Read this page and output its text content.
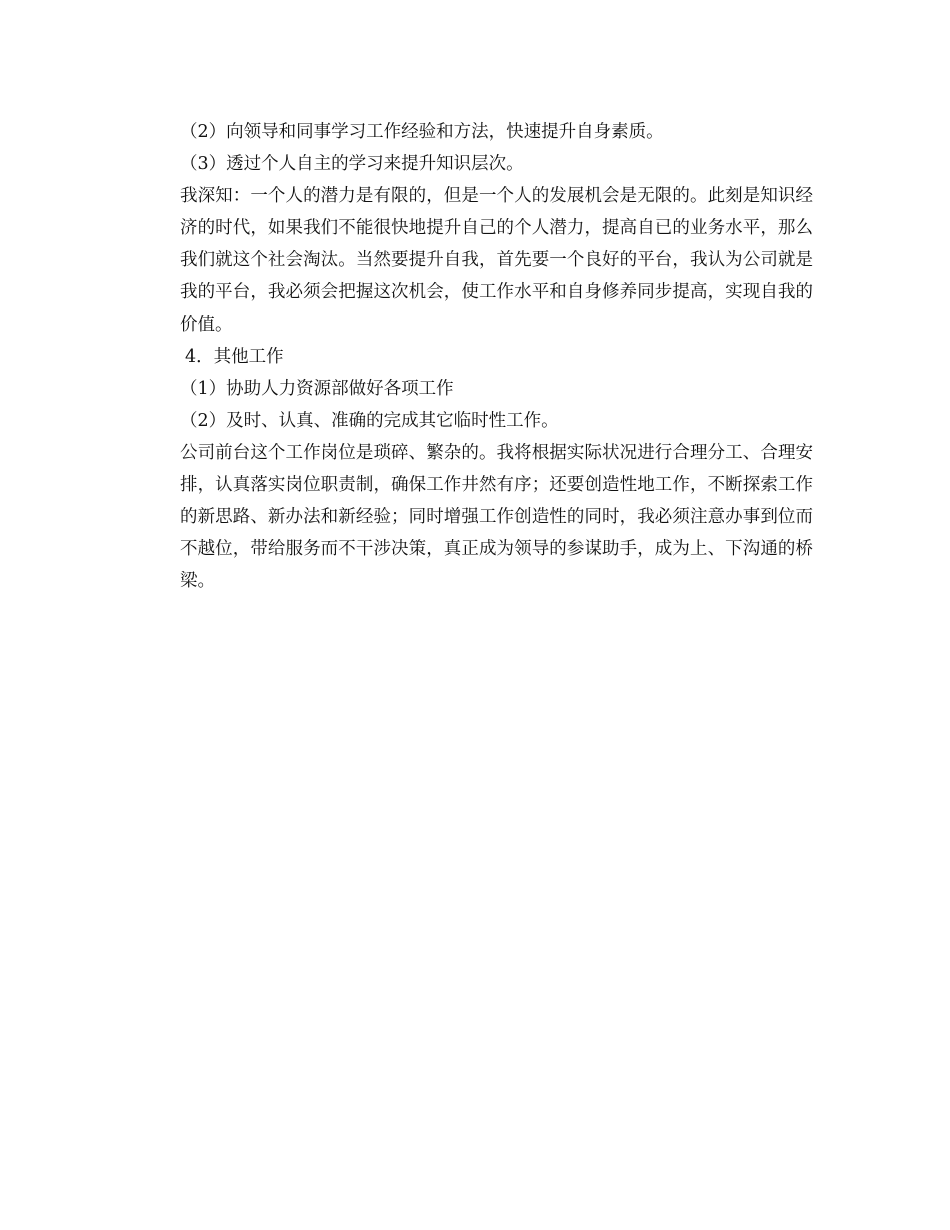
（2）向领导和同事学习工作经验和方法，快速提升自身素质。

（3）透过个人自主的学习来提升知识层次。

我深知：一个人的潜力是有限的，但是一个人的发展机会是无限的。此刻是知识经济的时代，如果我们不能很快地提升自己的个人潜力，提高自已的业务水平，那么我们就这个社会淘汰。当然要提升自我，首先要一个良好的平台，我认为公司就是我的平台，我必须会把握这次机会，使工作水平和自身修养同步提高，实现自我的价值。

4．其他工作

（1）协助人力资源部做好各项工作

（2）及时、认真、准确的完成其它临时性工作。

公司前台这个工作岗位是琐碎、繁杂的。我将根据实际状况进行合理分工、合理安排，认真落实岗位职责制，确保工作井然有序；还要创造性地工作，不断探索工作的新思路、新办法和新经验；同时增强工作创造性的同时，我必须注意办事到位而不越位，带给服务而不干涉决策，真正成为领导的参谋助手，成为上、下沟通的桥梁。
